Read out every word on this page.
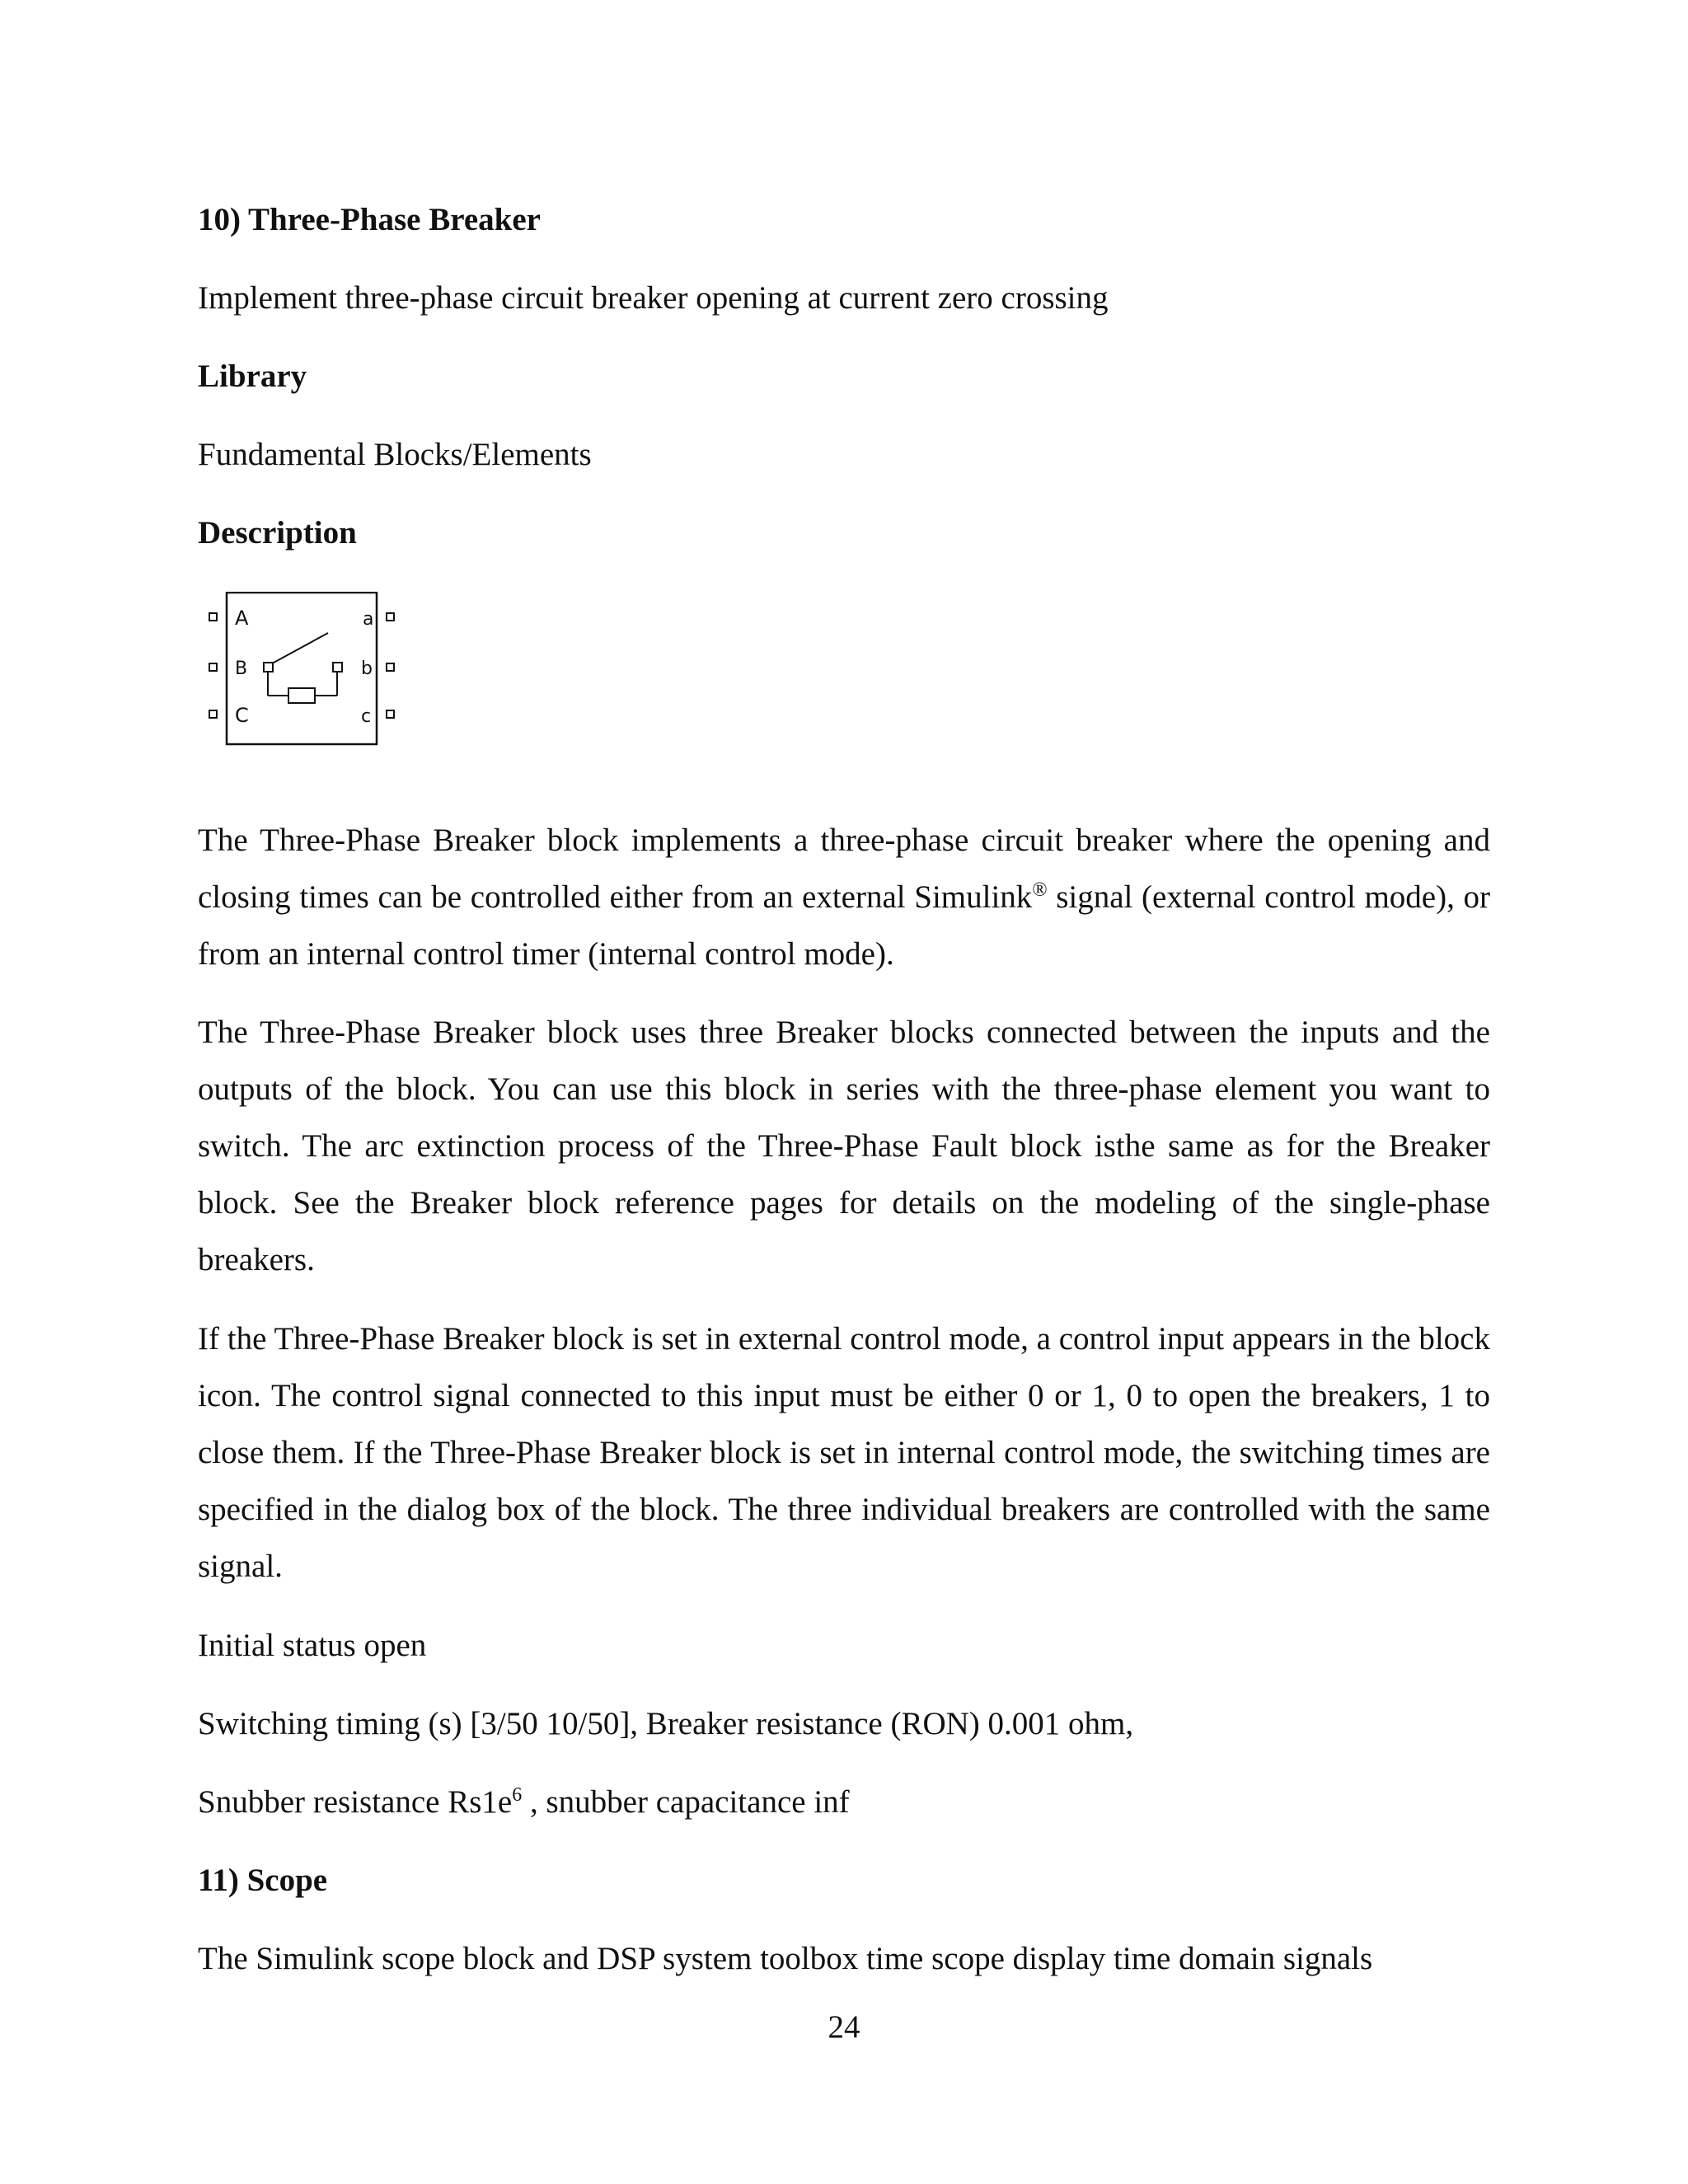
10) Three-Phase Breaker

Implement three-phase circuit breaker opening at current zero crossing

Library

Fundamental Blocks/Elements

Description

A
B
C
a
b
c

The Three-Phase Breaker block implements a three-phase circuit breaker where the opening and closing times can be controlled either from an external Simulink® signal (external control mode), or from an internal control timer (internal control mode).

The Three-Phase Breaker block uses three Breaker blocks connected between the inputs and the outputs of the block. You can use this block in series with the three-phase element you want to switch. The arc extinction process of the Three-Phase Fault block isthe same as for the Breaker block. See the Breaker block reference pages for details on the modeling of the single-phase breakers.

If the Three-Phase Breaker block is set in external control mode, a control input appears in the block icon. The control signal connected to this input must be either 0 or 1, 0 to open the breakers, 1 to close them. If the Three-Phase Breaker block is set in internal control mode, the switching times are specified in the dialog box of the block. The three individual breakers are controlled with the same signal.

Initial status open

Switching timing (s) [3/50 10/50], Breaker resistance (RON) 0.001 ohm,

Snubber resistance $Rs1e^6$ , snubber capacitance inf

11) Scope

The Simulink scope block and DSP system toolbox time scope display time domain signals

24
